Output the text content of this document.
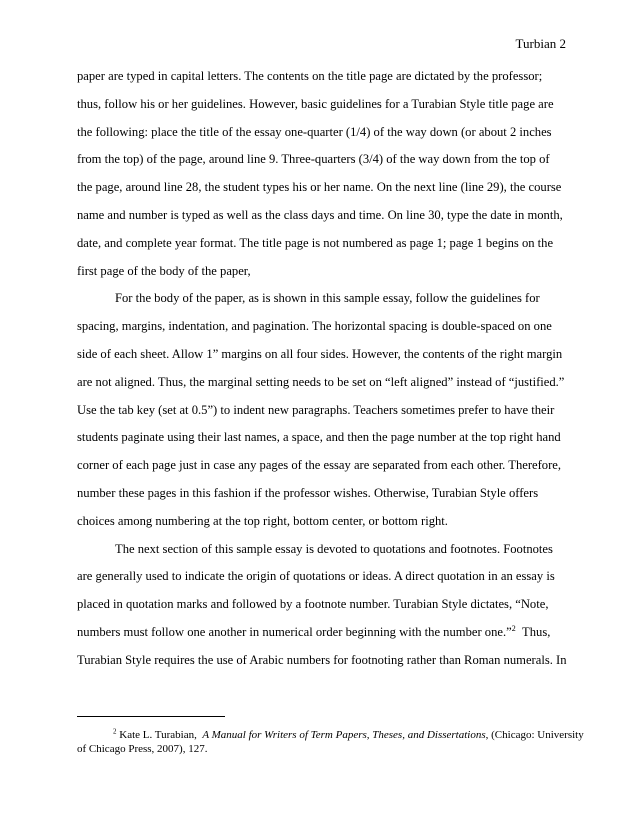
Turbian 2
paper are typed in capital letters. The contents on the title page are dictated by the professor;
thus, follow his or her guidelines. However, basic guidelines for a Turabian Style title page are
the following: place the title of the essay one-quarter (1/4) of the way down (or about 2 inches
from the top) of the page, around line 9. Three-quarters (3/4) of the way down from the top of
the page, around line 28, the student types his or her name. On the next line (line 29), the course
name and number is typed as well as the class days and time. On line 30, type the date in month,
date, and complete year format. The title page is not numbered as page 1; page 1 begins on the
first page of the body of the paper,
For the body of the paper, as is shown in this sample essay, follow the guidelines for
spacing, margins, indentation, and pagination. The horizontal spacing is double-spaced on one
side of each sheet. Allow 1” margins on all four sides. However, the contents of the right margin
are not aligned. Thus, the marginal setting needs to be set on “left aligned” instead of “justified.”
Use the tab key (set at 0.5”) to indent new paragraphs. Teachers sometimes prefer to have their
students paginate using their last names, a space, and then the page number at the top right hand
corner of each page just in case any pages of the essay are separated from each other. Therefore,
number these pages in this fashion if the professor wishes. Otherwise, Turabian Style offers
choices among numbering at the top right, bottom center, or bottom right.
The next section of this sample essay is devoted to quotations and footnotes. Footnotes
are generally used to indicate the origin of quotations or ideas. A direct quotation in an essay is
placed in quotation marks and followed by a footnote number. Turabian Style dictates, “Note,
numbers must follow one another in numerical order beginning with the number one.”$^2$ Thus,
Turabian Style requires the use of Arabic numbers for footnoting rather than Roman numerals. In
$^2$ Kate L. Turabian, A Manual for Writers of Term Papers, Theses, and Dissertations, (Chicago: University
of Chicago Press, 2007), 127.
